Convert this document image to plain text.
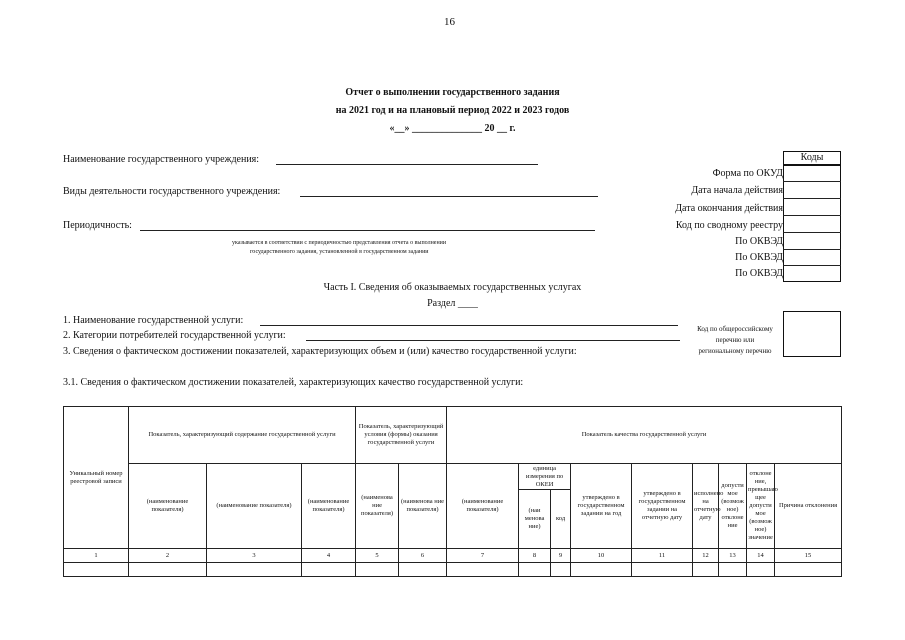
16
Отчет о выполнении государственного задания
на 2021 год и на плановый период 2022 и 2023 годов
«__» ______________ 20 __ г.
Наименование государственного учреждения:
Виды деятельности государственного учреждения:
Периодичность:
указывается в соответствии с периодичностью представления отчета о выполнении
государственного задания, установленной в государственном задании
Коды
Форма по ОКУД
Дата начала действия
Дата окончания действия
Код по сводному реестру
По ОКВЭД
По ОКВЭД
По ОКВЭД
Часть I. Сведения об оказываемых государственных услугах
Раздел ____
1. Наименование государственной услуги:
2. Категории потребителей государственной услуги:
3. Сведения о фактическом достижении показателей, характеризующих объем и (или) качество государственной услуги:
Код по общероссийскому
перечню или
региональному перечню
3.1. Сведения о фактическом достижении показателей, характеризующих качество государственной услуги:
Уникальный номер реестровой записи	Показатель, характеризующий содержание государственной услуги			Показатель, характеризующий условия (формы) оказания государственной услуги		Показатель качества государственной услуги								
	(наименование показателя)	(наименование показателя)	(наименование показателя)	(наименова ние показателя)	(наименова ние показателя)	(наименование показателя)	единица измерения по ОКЕИ		утверждено в государственном задании на год	утверждено в государственном задании на отчетную дату	исполнено на отчетную дату	допусти мое (возмож ное) отклоне ние	отклоне ние, превышаю щее допусти мое (возмож ное) значение	Причина отклонения
							(наи менова ние)	код						
1	2	3	4	5	6	7	8	9	10	11	12	13	14	15
